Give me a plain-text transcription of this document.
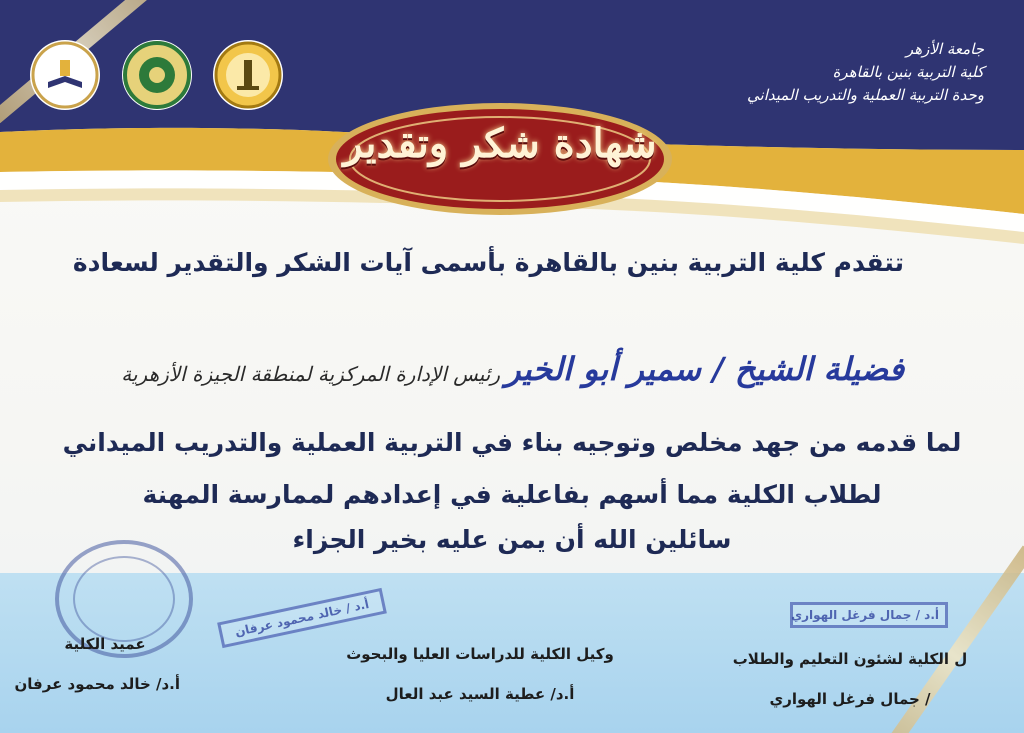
جامعة الأزهر
كلية التربية بنين بالقاهرة
وحدة التربية العملية والتدريب الميداني
شهادة شكر وتقدير
تتقدم كلية التربية بنين بالقاهرة بأسمى آيات الشكر والتقدير لسعادة
فضيلة الشيخ / سمير أبو الخير
رئيس الإدارة المركزية لمنطقة الجيزة الأزهرية
لما قدمه من جهد مخلص وتوجيه بناء في التربية العملية والتدريب الميداني
لطلاب الكلية مما أسهم بفاعلية في إعدادهم لممارسة المهنة
سائلين الله أن يمن عليه بخير الجزاء
أ.د / خالد محمود عرفان	أ.د / جمال فرغل الهواري
عميد الكلية
أ.د/ خالد محمود عرفان
وكيل الكلية للدراسات العليا والبحوث
أ.د/ عطية السيد عبد العال
ل الكلية لشئون التعليم والطلاب
/ جمال فرغل الهواري
